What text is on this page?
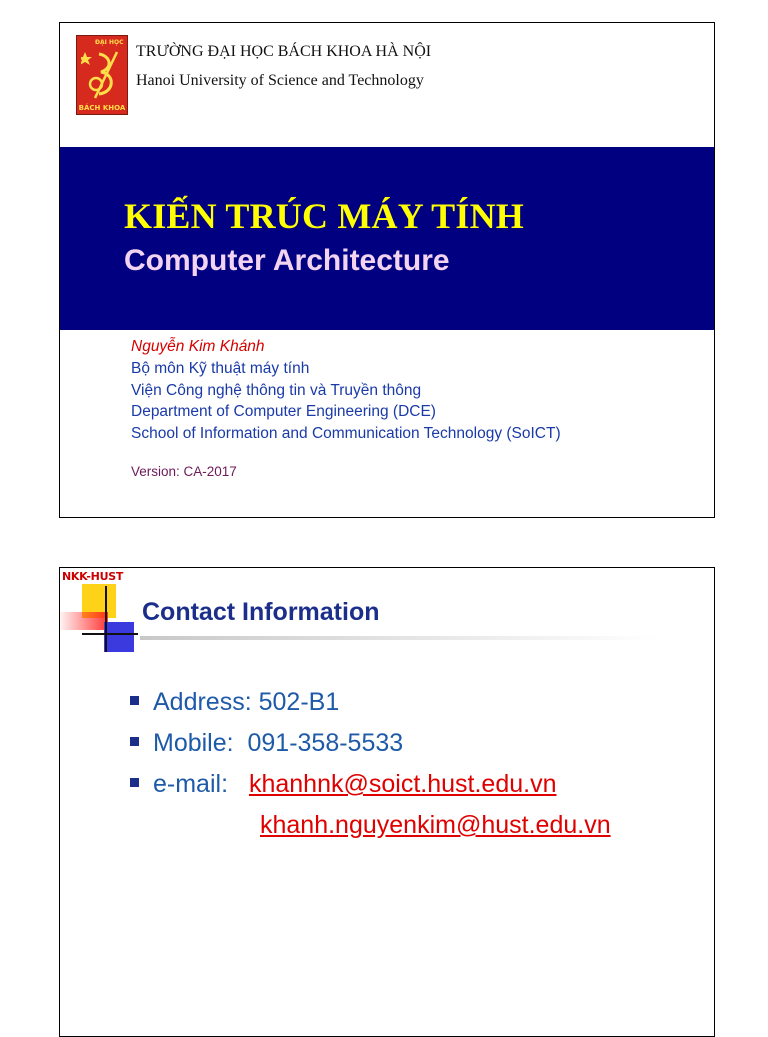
ĐẠI HỌC
BÁCH KHOA
TRƯỜNG ĐẠI HỌC BÁCH KHOA HÀ NỘI
Hanoi University of Science and Technology
KIẾN TRÚC MÁY TÍNH
Computer Architecture
Nguyễn Kim Khánh
Bộ môn Kỹ thuật máy tính
Viện Công nghệ thông tin và Truyền thông
Department of Computer Engineering (DCE)
School of Information and Communication Technology (SoICT)
Version: CA-2017
NKK-HUST
Contact Information
Address: 502-B1
Mobile:  091-358-5533
e-mail: khanhnk@soict.hust.edu.vn
khanh.nguyenkim@hust.edu.vn
